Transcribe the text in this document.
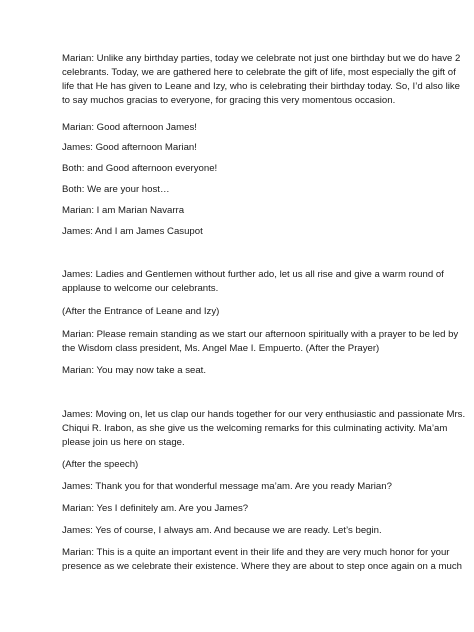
Marian: Unlike any birthday parties, today we celebrate not just one birthday but we do have 2

celebrants. Today, we are gathered here to celebrate the gift of life, most especially the gift of

life that He has given to Leane and Izy, who is celebrating their birthday today. So, I’d also like

to say muchos gracias to everyone, for gracing this very momentous occasion.

Marian: Good afternoon James!

James: Good afternoon Marian!

Both: and Good afternoon everyone!

Both: We are your host…

Marian: I am Marian Navarra

James: And I am James Casupot

James: Ladies and Gentlemen without further ado, let us all rise and give a warm round of

applause to welcome our celebrants.

(After the Entrance of Leane and Izy)

Marian: Please remain standing as we start our afternoon spiritually with a prayer to be led by

the Wisdom class president, Ms. Angel Mae I. Empuerto. (After the Prayer)

Marian: You may now take a seat.

James: Moving on, let us clap our hands together for our very enthusiastic and passionate Mrs.

Chiqui R. Irabon, as she give us the welcoming remarks for this culminating activity. Ma’am

please join us here on stage.

(After the speech)

James: Thank you for that wonderful message ma’am. Are you ready Marian?

Marian: Yes I definitely am. Are you James?

James: Yes of course, I always am. And because we are ready. Let’s begin.

Marian: This is a quite an important event in their life and they are very much honor for your

presence as we celebrate their existence. Where they are about to step once again on a much
